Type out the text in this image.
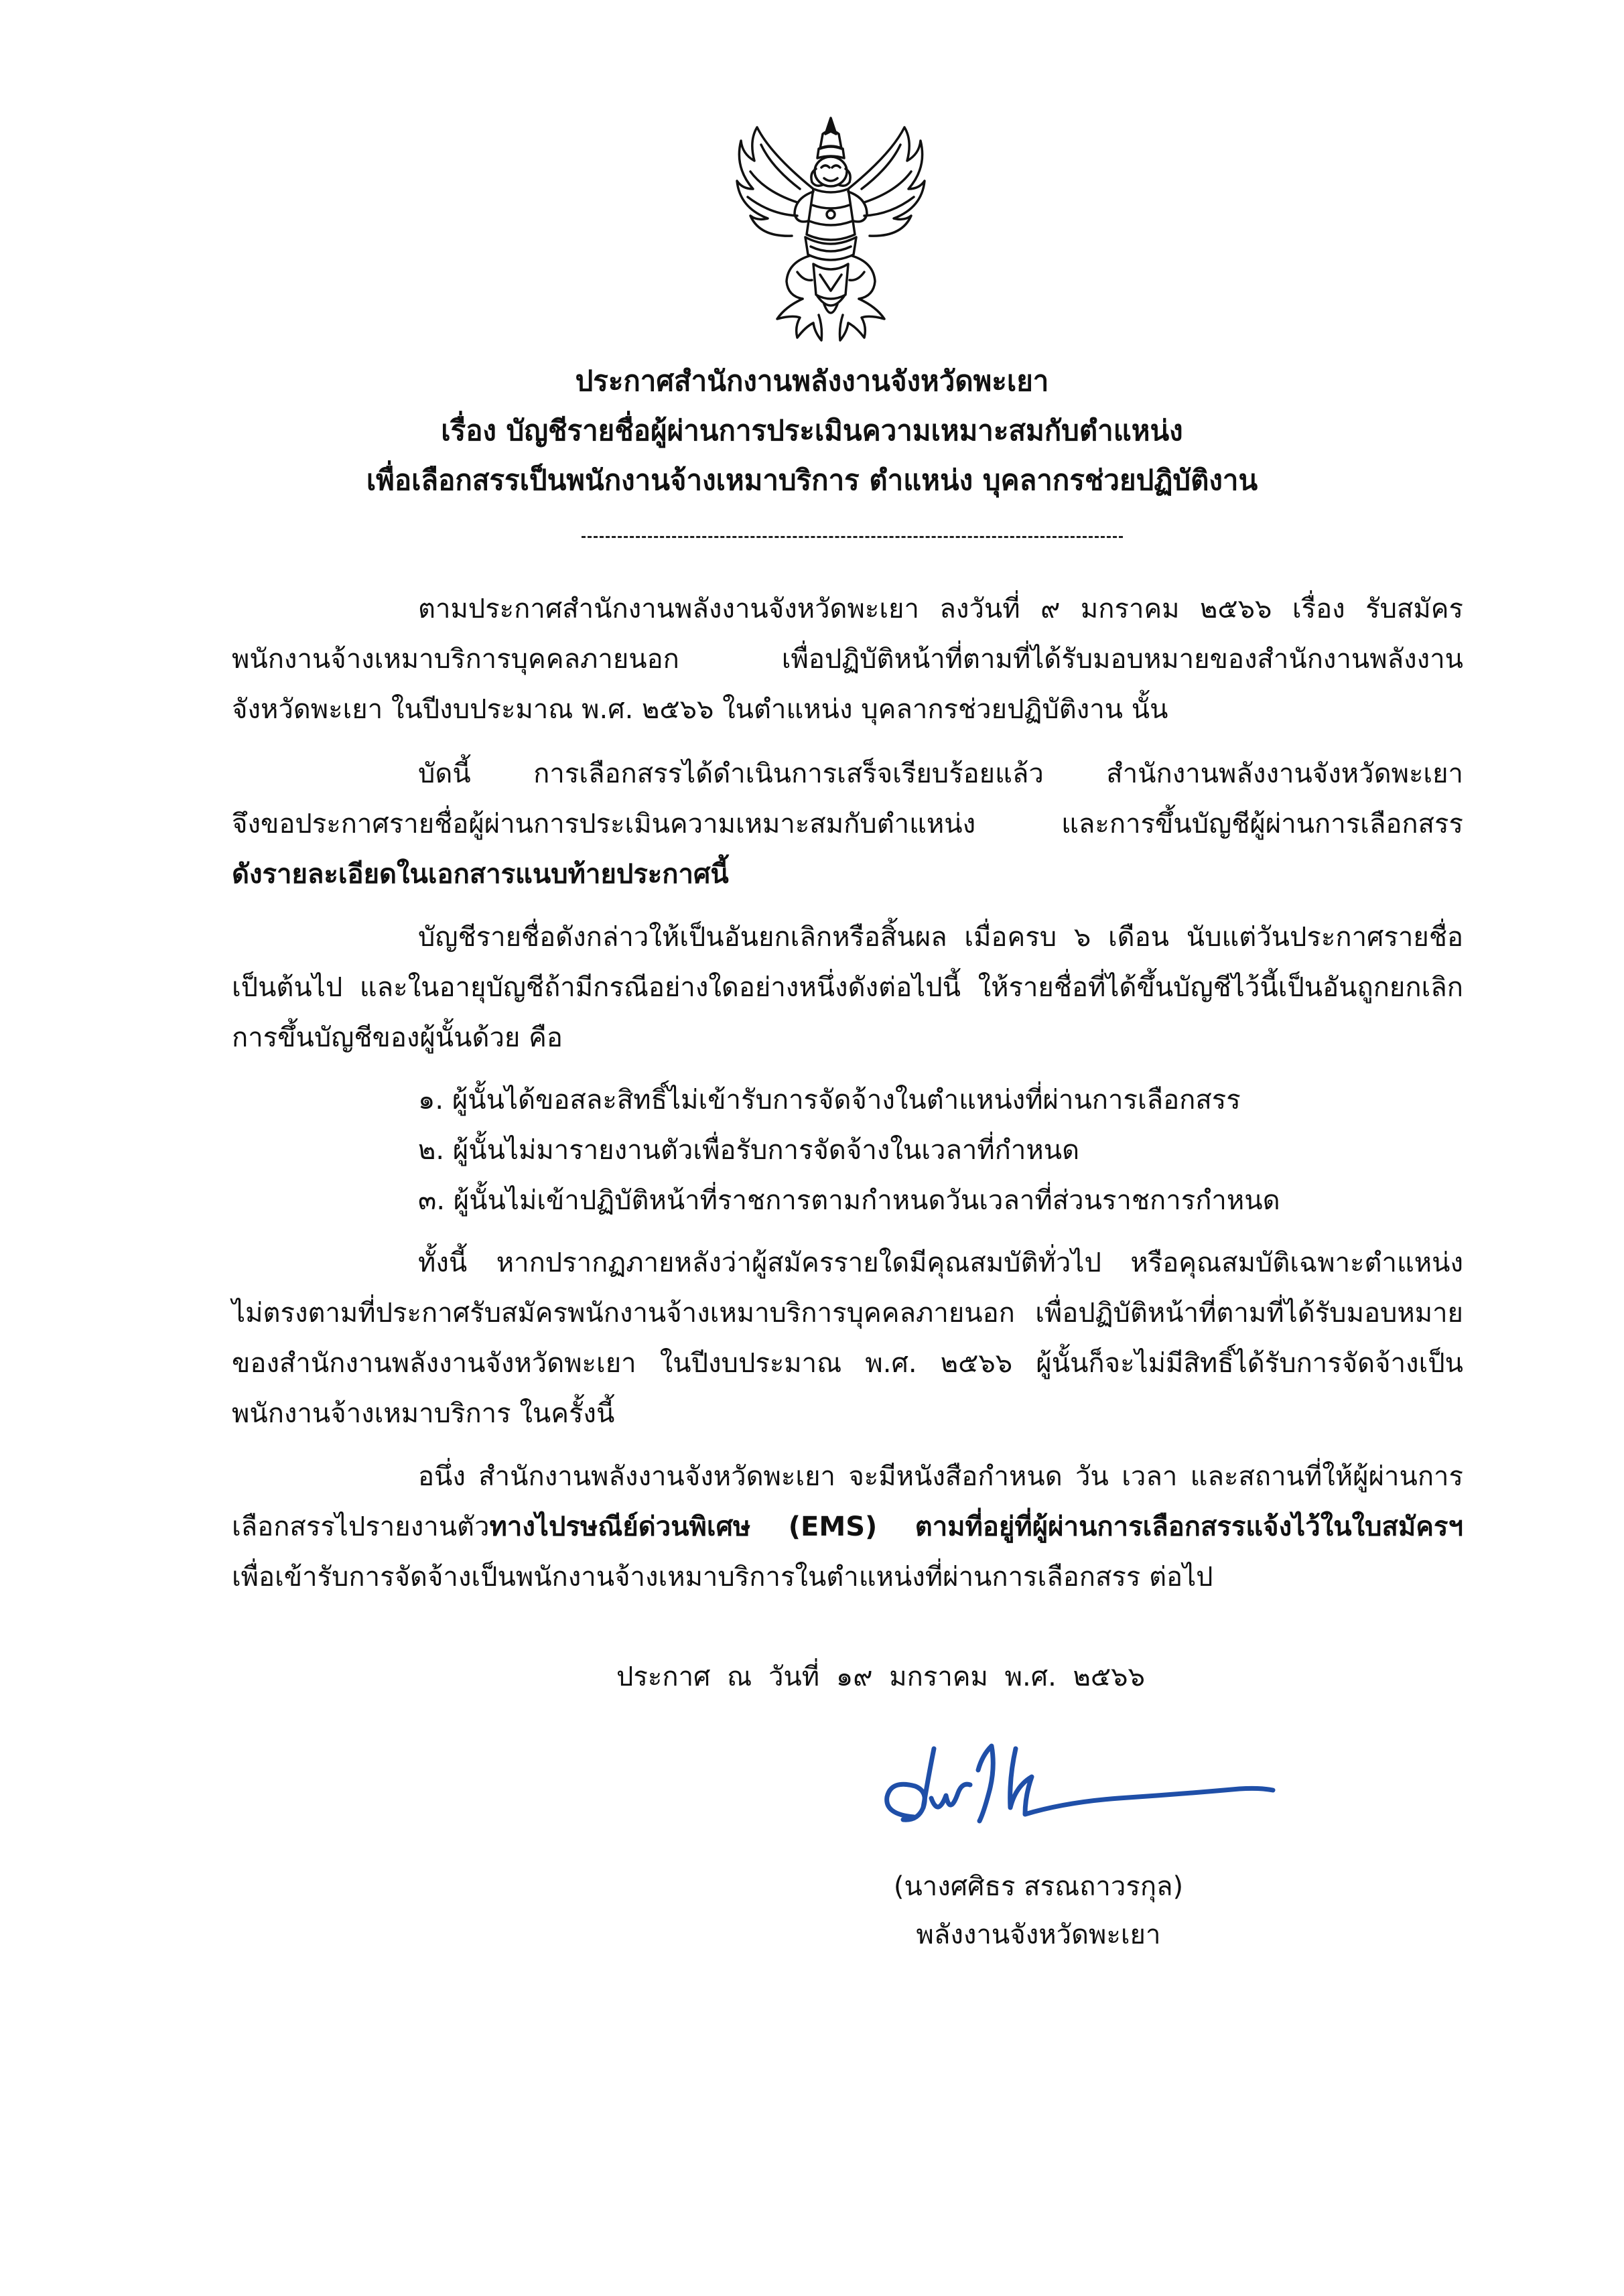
ประกาศสำนักงานพลังงานจังหวัดพะเยา
เรื่อง บัญชีรายชื่อผู้ผ่านการประเมินความเหมาะสมกับตำแหน่ง
เพื่อเลือกสรรเป็นพนักงานจ้างเหมาบริการ ตำแหน่ง บุคลากรช่วยปฏิบัติงาน
ตามประกาศสำนักงานพลังงานจังหวัดพะเยา ลงวันที่ ๙ มกราคม ๒๕๖๖ เรื่อง รับสมัคร
พนักงานจ้างเหมาบริการบุคคลภายนอก เพื่อปฏิบัติหน้าที่ตามที่ได้รับมอบหมายของสำนักงานพลังงาน
จังหวัดพะเยา ในปีงบประมาณ พ.ศ. ๒๕๖๖ ในตำแหน่ง บุคลากรช่วยปฏิบัติงาน นั้น
บัดนี้ การเลือกสรรได้ดำเนินการเสร็จเรียบร้อยแล้ว สำนักงานพลังงานจังหวัดพะเยา
จึงขอประกาศรายชื่อผู้ผ่านการประเมินความเหมาะสมกับตำแหน่ง และการขึ้นบัญชีผู้ผ่านการเลือกสรร
ดังรายละเอียดในเอกสารแนบท้ายประกาศนี้
บัญชีรายชื่อดังกล่าวให้เป็นอันยกเลิกหรือสิ้นผล เมื่อครบ ๖ เดือน นับแต่วันประกาศรายชื่อ
เป็นต้นไป และในอายุบัญชีถ้ามีกรณีอย่างใดอย่างหนึ่งดังต่อไปนี้ ให้รายชื่อที่ได้ขึ้นบัญชีไว้นี้เป็นอันถูกยกเลิก
การขึ้นบัญชีของผู้นั้นด้วย คือ
๑. ผู้นั้นได้ขอสละสิทธิ์ไม่เข้ารับการจัดจ้างในตำแหน่งที่ผ่านการเลือกสรร
๒. ผู้นั้นไม่มารายงานตัวเพื่อรับการจัดจ้างในเวลาที่กำหนด
๓. ผู้นั้นไม่เข้าปฏิบัติหน้าที่ราชการตามกำหนดวันเวลาที่ส่วนราชการกำหนด
ทั้งนี้ หากปรากฏภายหลังว่าผู้สมัครรายใดมีคุณสมบัติทั่วไป หรือคุณสมบัติเฉพาะตำแหน่ง
ไม่ตรงตามที่ประกาศรับสมัครพนักงานจ้างเหมาบริการบุคคลภายนอก เพื่อปฏิบัติหน้าที่ตามที่ได้รับมอบหมาย
ของสำนักงานพลังงานจังหวัดพะเยา ในปีงบประมาณ พ.ศ. ๒๕๖๖ ผู้นั้นก็จะไม่มีสิทธิ์ได้รับการจัดจ้างเป็น
พนักงานจ้างเหมาบริการ ในครั้งนี้
อนึ่ง สำนักงานพลังงานจังหวัดพะเยา จะมีหนังสือกำหนด วัน เวลา และสถานที่ให้ผู้ผ่านการ
เลือกสรรไปรายงานตัวทางไปรษณีย์ด่วนพิเศษ (EMS) ตามที่อยู่ที่ผู้ผ่านการเลือกสรรแจ้งไว้ในใบสมัครฯ
เพื่อเข้ารับการจัดจ้างเป็นพนักงานจ้างเหมาบริการในตำแหน่งที่ผ่านการเลือกสรร ต่อไป
ประกาศ ณ วันที่ ๑๙ มกราคม พ.ศ. ๒๕๖๖
(นางศศิธร สรณถาวรกุล)
พลังงานจังหวัดพะเยา
